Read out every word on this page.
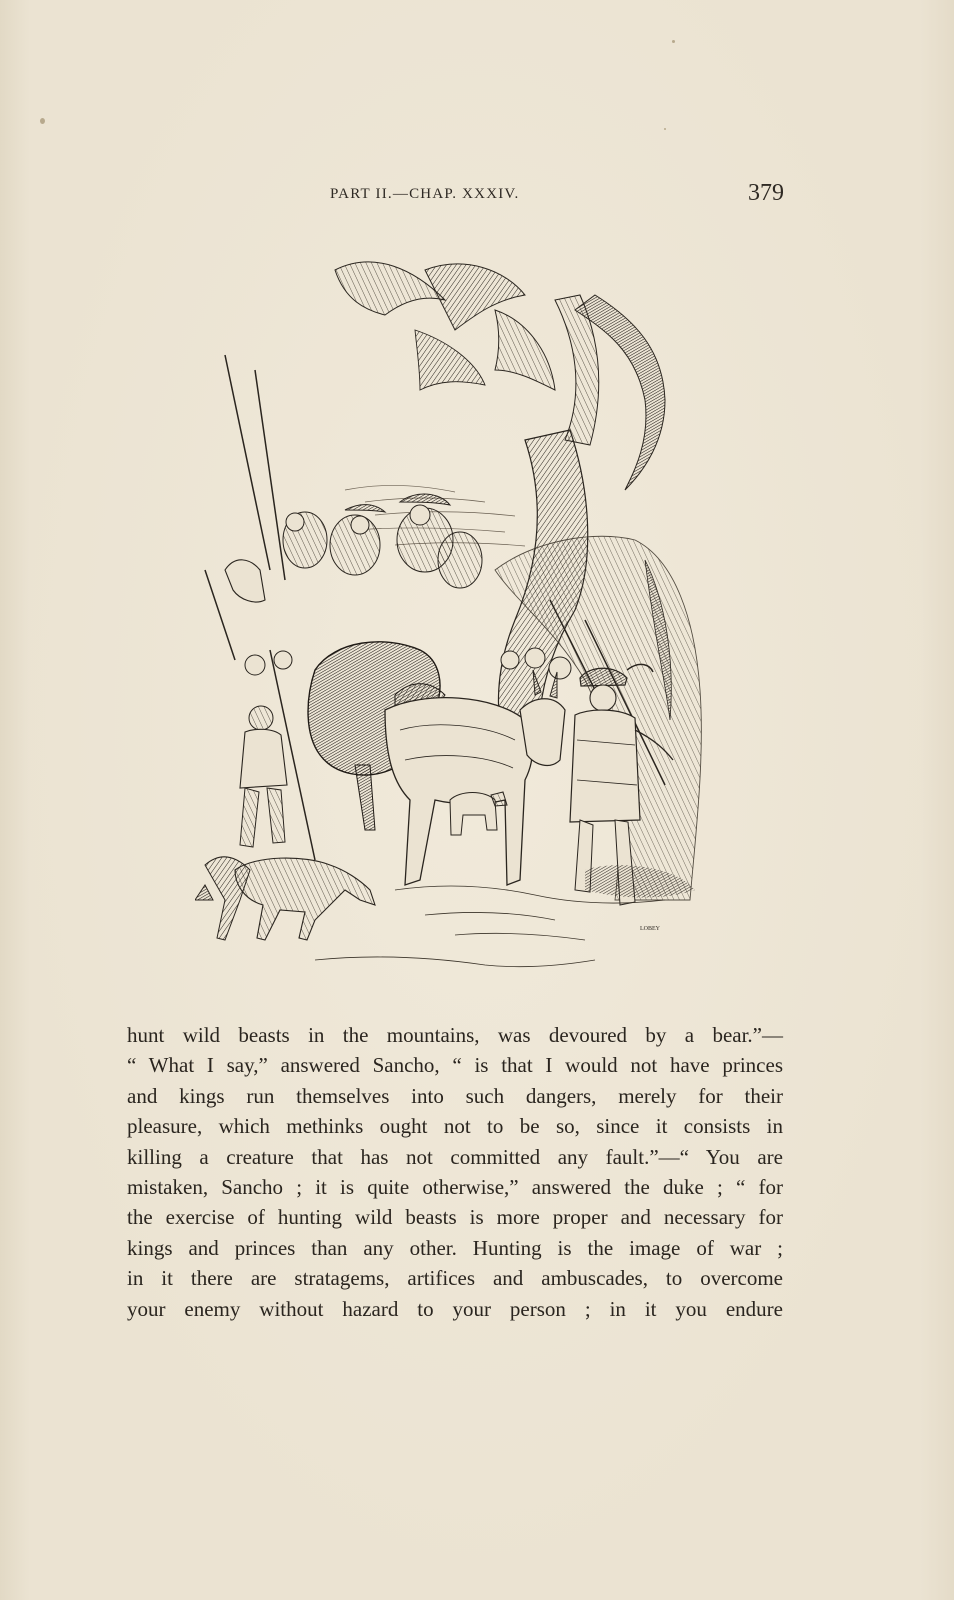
PART II.—CHAP. XXXIV.	379
LOBEY
hunt wild beasts in the mountains, was devoured by a bear.”—
“ What I say,” answered Sancho, “ is that I would not have princes
and kings run themselves into such dangers, merely for their
pleasure, which methinks ought not to be so, since it consists in
killing a creature that has not committed any fault.”—“ You are
mistaken, Sancho ; it is quite otherwise,” answered the duke ; “ for
the exercise of hunting wild beasts is more proper and necessary for
kings and princes than any other. Hunting is the image of war ;
in it there are stratagems, artifices and ambuscades, to overcome
your enemy without hazard to your person ; in it you endure
